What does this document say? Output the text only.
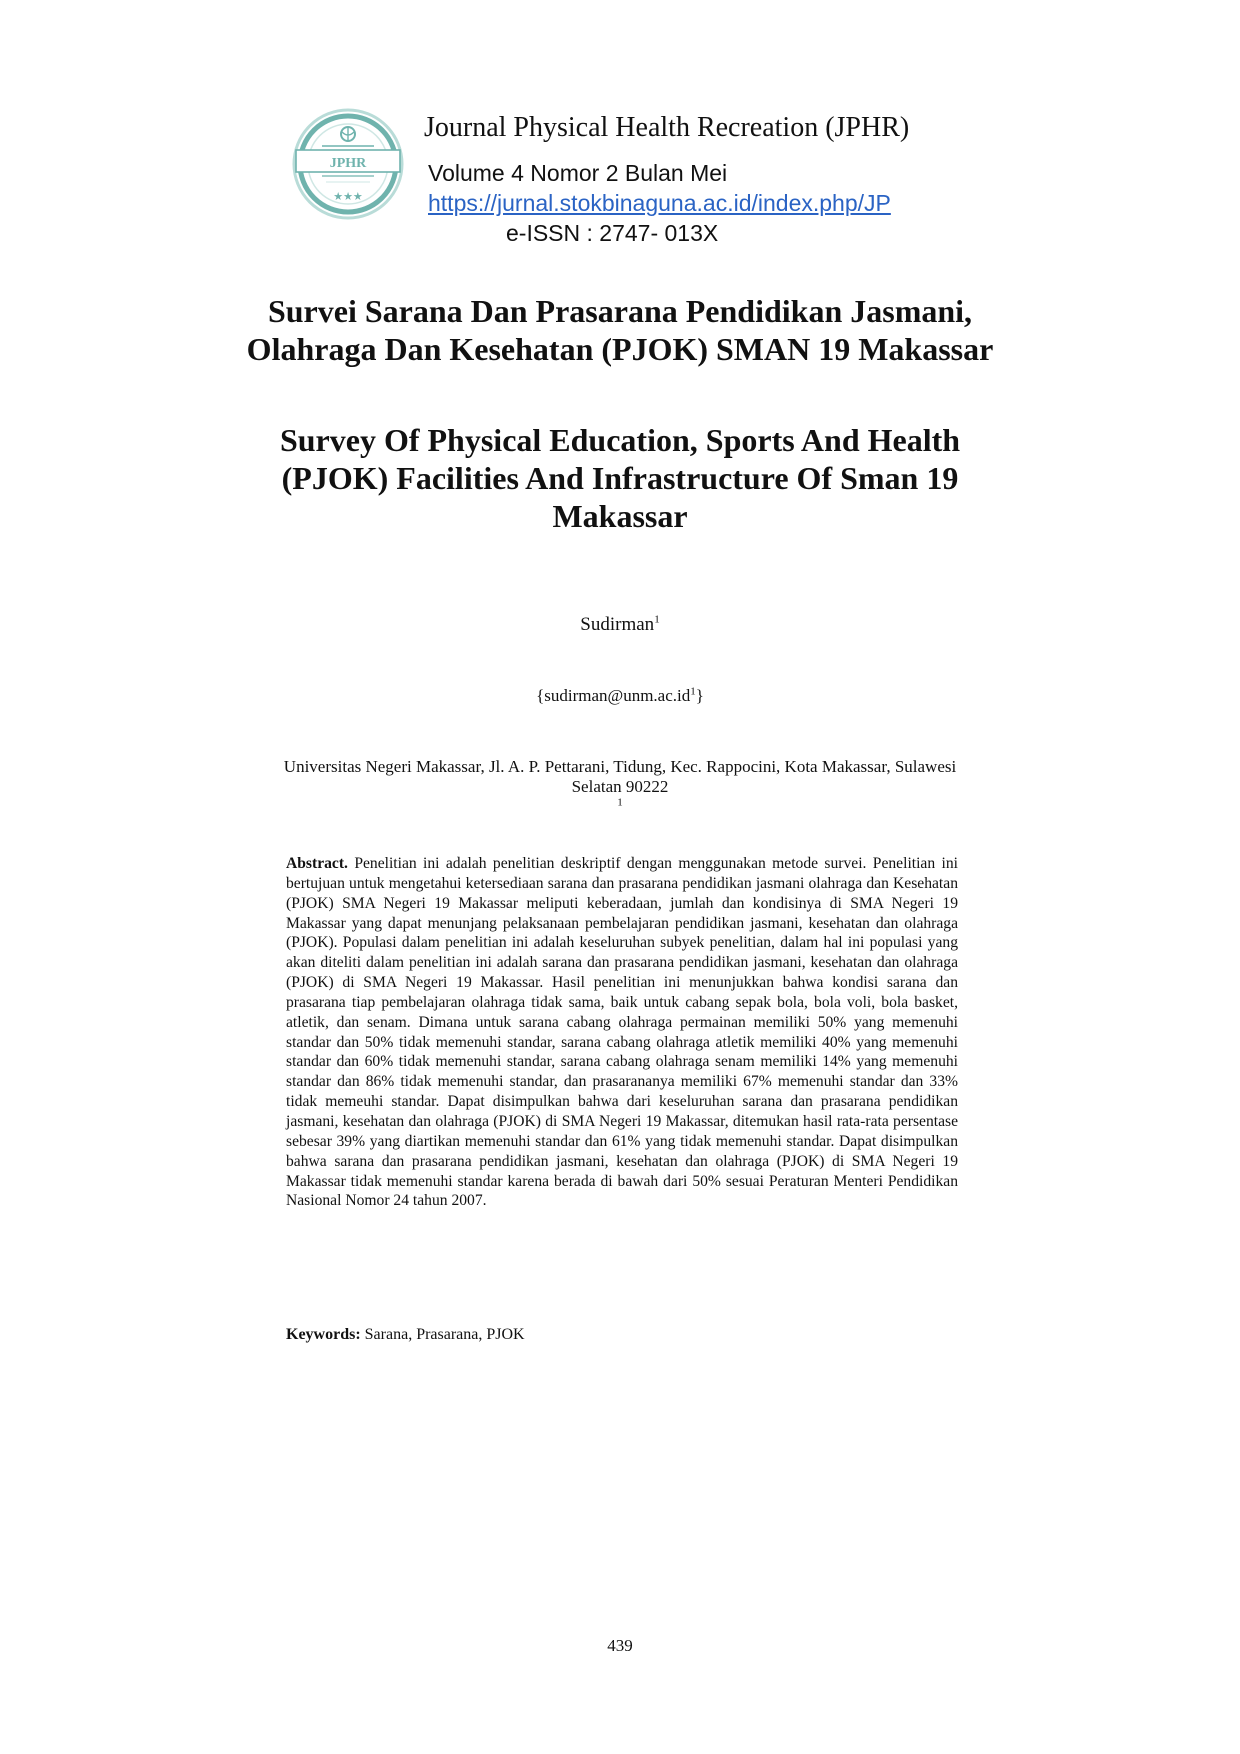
JPHR
★★★
Journal Physical Health Recreation (JPHR)
Volume 4 Nomor 2 Bulan Mei
https://jurnal.stokbinaguna.ac.id/index.php/JP
e-ISSN : 2747- 013X
Survei Sarana Dan Prasarana Pendidikan Jasmani,
Olahraga Dan Kesehatan (PJOK) SMAN 19 Makassar
Survey Of Physical Education, Sports And Health
(PJOK) Facilities And Infrastructure Of Sman 19
Makassar
Sudirman$^1$
$\{sudirman@unm.ac.id^1\}$
Universitas Negeri Makassar, Jl. A. P. Pettarani, Tidung, Kec. Rappocini, Kota Makassar, Sulawesi
Selatan 90222
$^1$

Abstract. Penelitian ini adalah penelitian deskriptif dengan menggunakan metode survei. Penelitian ini bertujuan untuk mengetahui ketersediaan sarana dan prasarana pendidikan jasmani olahraga dan Kesehatan (PJOK) SMA Negeri 19 Makassar meliputi keberadaan, jumlah dan kondisinya di SMA Negeri 19 Makassar yang dapat menunjang pelaksanaan pembelajaran pendidikan jasmani, kesehatan dan olahraga (PJOK). Populasi dalam penelitian ini adalah keseluruhan subyek penelitian, dalam hal ini populasi yang akan diteliti dalam penelitian ini adalah sarana dan prasarana pendidikan jasmani, kesehatan dan olahraga (PJOK) di SMA Negeri 19 Makassar. Hasil penelitian ini menunjukkan bahwa kondisi sarana dan prasarana tiap pembelajaran olahraga tidak sama, baik untuk cabang sepak bola, bola voli, bola basket, atletik, dan senam. Dimana untuk sarana cabang olahraga permainan memiliki 50% yang memenuhi standar dan 50% tidak memenuhi standar, sarana cabang olahraga atletik memiliki 40% yang memenuhi standar dan 60% tidak memenuhi standar, sarana cabang olahraga senam memiliki 14% yang memenuhi standar dan 86% tidak memenuhi standar, dan prasarananya memiliki 67% memenuhi standar dan 33% tidak memeuhi standar. Dapat disimpulkan bahwa dari keseluruhan sarana dan prasarana pendidikan jasmani, kesehatan dan olahraga (PJOK) di SMA Negeri 19 Makassar, ditemukan hasil rata-rata persentase sebesar 39% yang diartikan memenuhi standar dan 61% yang tidak memenuhi standar. Dapat disimpulkan bahwa sarana dan prasarana pendidikan jasmani, kesehatan dan olahraga (PJOK) di SMA Negeri 19 Makassar tidak memenuhi standar karena berada di bawah dari 50% sesuai Peraturan Menteri Pendidikan Nasional Nomor 24 tahun 2007.

Keywords: Sarana, Prasarana, PJOK
439
